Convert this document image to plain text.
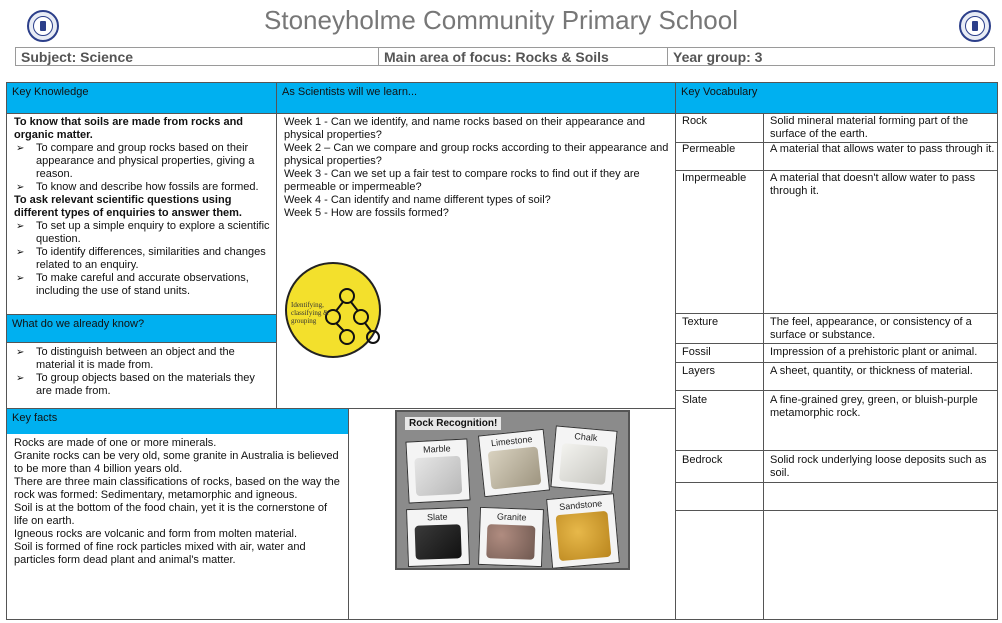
Stoneyholme Community Primary School
Subject: Science	Main area of focus: Rocks & Soils	Year group: 3
Key Knowledge	As Scientists will we learn...	Key Vocabulary
What do we already know?
Key facts
To know that soils are made from rocks and organic matter.
➢ To compare and group rocks based on their appearance and physical properties, giving a reason.
➢ To know and describe how fossils are formed.
To ask relevant scientific questions using different types of enquiries to answer them.
➢ To set up a simple enquiry to explore a scientific question.
➢ To identify differences, similarities and changes related to an enquiry.
➢ To make careful and accurate observations, including the use of stand units.
Week 1 - Can we identify, and name rocks based on their appearance and physical properties?
Week 2 – Can we compare and group rocks according to their appearance and physical properties?
Week 3 - Can we set up a fair test to compare rocks to find out if they are permeable or impermeable?
Week 4 - Can identify and name different types of soil?
Week 5 - How are fossils formed?
Identifying, classifying & grouping
➢ To distinguish between an object and the material it is made from.
➢ To group objects based on the materials they are made from.
Rocks are made of one or more minerals.
Granite rocks can be very old, some granite in Australia is believed to be more than 4 billion years old.
There are three main classifications of rocks, based on the way the rock was formed: Sedimentary, metamorphic and igneous.
Soil is at the bottom of the food chain, yet it is the cornerstone of life on earth.
Igneous rocks are volcanic and form from molten material.
Soil is formed of fine rock particles mixed with air, water and particles form dead plant and animal's matter.
Rock Recognition!
Marble
Limestone	Chalk
Slate	Granite
Sandstone
Rock	Solid mineral material forming part of the surface of the earth.
Permeable	A material that allows water to pass through it.
Impermeable A material that doesn't allow water to pass through it.
Texture	The feel, appearance, or consistency of a surface or substance.
Fossil	Impression of a prehistoric plant or animal.
Layers	A sheet, quantity, or thickness of material.
Slate	A fine-grained grey, green, or bluish-purple metamorphic rock.
Bedrock	Solid rock underlying loose deposits such as soil.
